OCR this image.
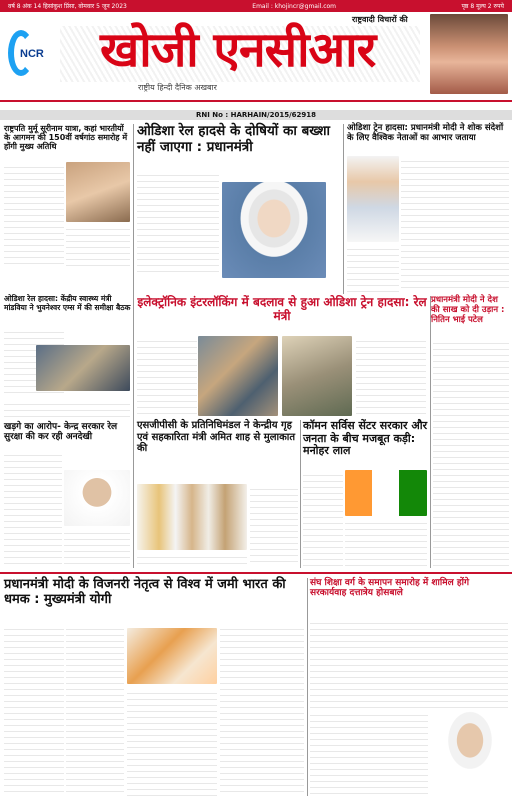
वर्ष 8 अंक 14 हिसांकुश प्रिंसा, वोमवार 5 जून 2023	Email : khojincr@gmail.com	पृष्ठ 8 मूल्य 2 रुपये
NCR खोजी एनसीआर
राष्ट्रवादी विचारों की
राष्ट्रीय हिन्दी दैनिक अखबार
RNI No : HARHAIN/2015/62918
राष्ट्रपति मुर्मू सूरीनाम यात्रा, कहां भारतीयों के आगमन की 150वीं वर्षगांठ समारोह में होंगी मुख्य अतिथि
ओडिशा रेल हादसा: केंद्रीय स्वास्थ्य मंत्री मांडविया ने भुवनेश्वर एम्स में की समीक्षा बैठक
खड़गे का आरोप- केन्द्र सरकार रेल सुरक्षा की कर रही अनदेखी
ओडिशा रेल हादसे के दोषियों का बख्शा नहीं जाएगा : प्रधानमंत्री
ओडिशा ट्रेन हादसा: प्रधानमंत्री मोदी ने शोक संदेशों के लिए वैश्विक नेताओं का आभार जताया
इलेक्ट्रॉनिक इंटरलॉकिंग में बदलाव से हुआ ओडिशा ट्रेन हादसा: रेल मंत्री
प्रधानमंत्री मोदी ने देश की साख को दी उड़ान : नितिन भाई पटेल
एसजीपीसी के प्रतिनिधिमंडल ने केन्द्रीय गृह एवं सहकारिता मंत्री अमित शाह से मुलाकात की
कॉमन सर्विस सेंटर सरकार और जनता के बीच मजबूत कड़ी: मनोहर लाल
प्रधानमंत्री मोदी के विजनरी नेतृत्व से विश्व में जमी भारत की धमक : मुख्यमंत्री योगी
संघ शिक्षा वर्ग के समापन समारोह में शामिल होंगे सरकार्यवाह दत्तात्रेय होसबाले
